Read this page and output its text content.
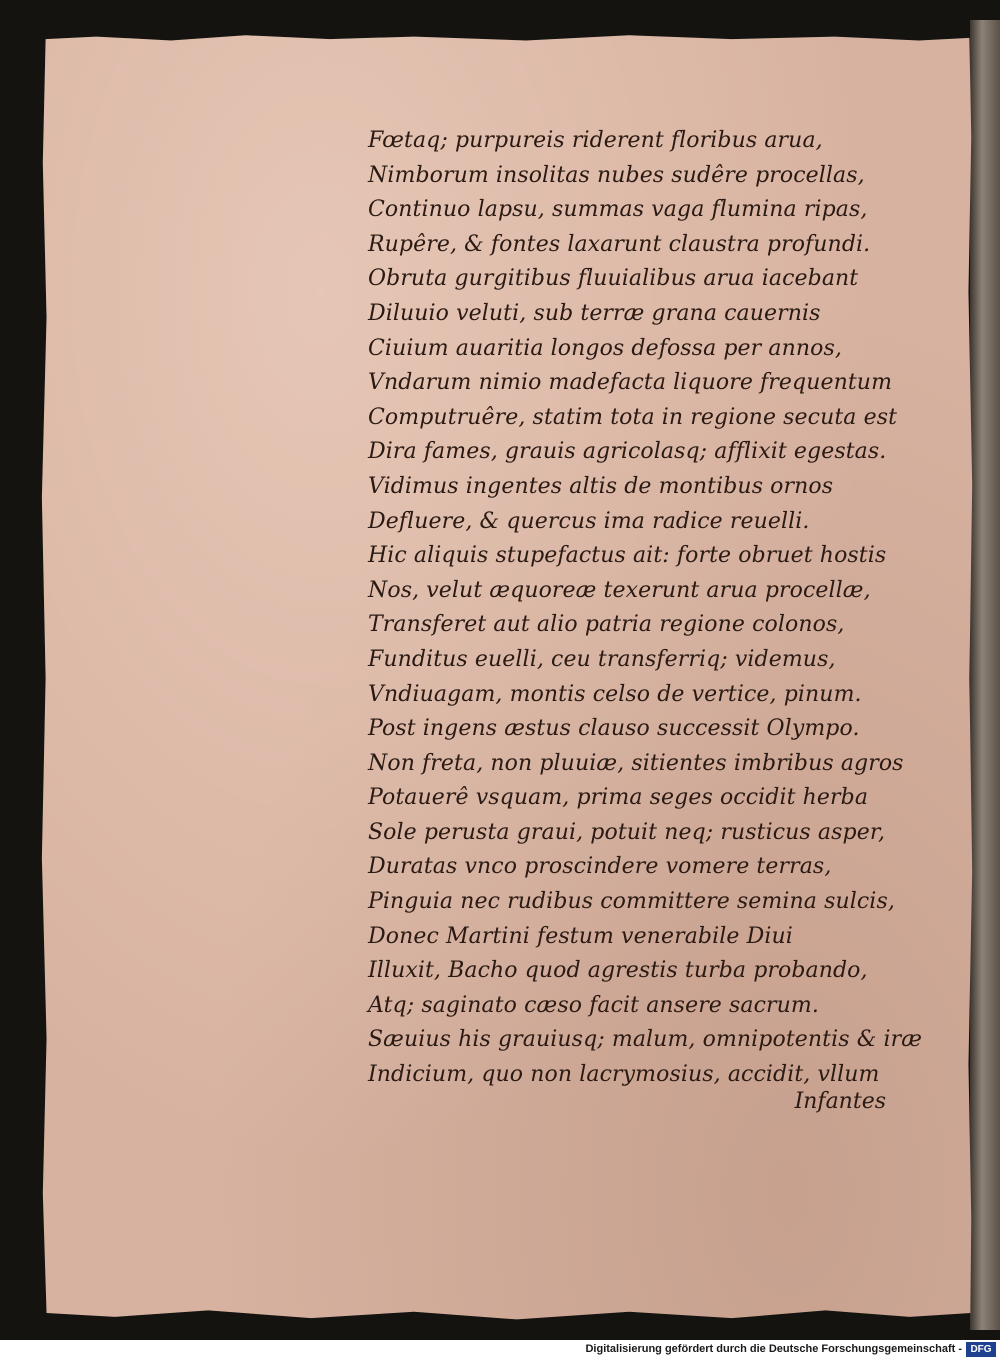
Fœtaq; purpureis riderent floribus arua,
Nimborum insolitas nubes sudêre procellas,
Continuo lapsu, summas vaga flumina ripas,
Rupêre, & fontes laxarunt claustra profundi.
Obruta gurgitibus fluuialibus arua iacebant
Diluuio veluti, sub terræ grana cauernis
Ciuium auaritia longos defossa per annos,
Vndarum nimio madefacta liquore frequentum
Computruêre, statim tota in regione secuta est
Dira fames, grauis agricolasq; afflixit egestas.
Vidimus ingentes altis de montibus ornos
Defluere, & quercus ima radice reuelli.
Hic aliquis stupefactus ait: forte obruet hostis
Nos, velut æquoreæ texerunt arua procellæ,
Transferet aut alio patria regione colonos,
Funditus euelli, ceu transferriq; videmus,
Vndiuagam, montis celso de vertice, pinum.
Post ingens æstus clauso successit Olympo.
Non freta, non pluuiæ, sitientes imbribus agros
Potauerê vsquam, prima seges occidit herba
Sole perusta graui, potuit neq; rusticus asper,
Duratas vnco proscindere vomere terras,
Pinguia nec rudibus committere semina sulcis,
Donec Martini festum venerabile Diui
Illuxit, Bacho quod agrestis turba probando,
Atq; saginato cæso facit ansere sacrum.
Sæuius his grauiusq; malum, omnipotentis & iræ
Indicium, quo non lacrymosius, accidit, vllum
Infantes
Digitalisierung gefördert durch die Deutsche Forschungsgemeinschaft - DFG
